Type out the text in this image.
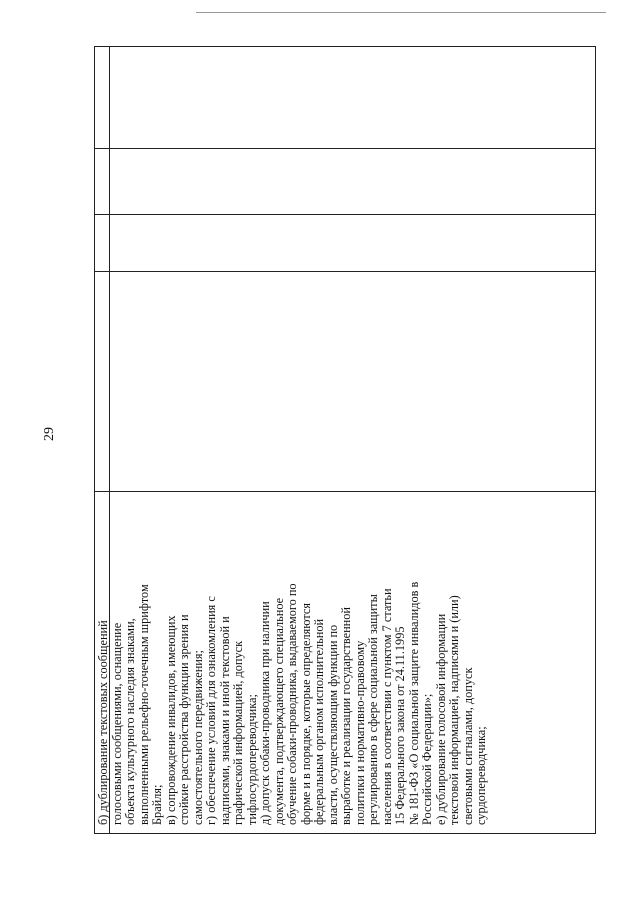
29
б) дублирование текстовых сообщений
голосовыми сообщениями, оснащение
объекта культурного наследия знаками,
выполненными рельефно-точечным шрифтом
Брайля;
в) сопровождение инвалидов, имеющих
стойкие расстройства функции зрения и
самостоятельного передвижения;
г) обеспечение условий для ознакомления с
надписями, знаками и иной текстовой и
графической информацией, допуск
тифлосурдопереводчика;
д) допуск собаки-проводника при наличии
документа, подтверждающего специальное
обучение собаки-проводника, выдаваемого по
форме и в порядке, которые определяются
федеральным органом исполнительной
власти, осуществляющим функции по
выработке и реализации государственной
политики и нормативно-правовому
регулированию в сфере социальной защиты
населения в соответствии с пунктом 7 статьи
15 Федерального закона от 24.11.1995
№ 181-ФЗ «О социальной защите инвалидов в
Российской Федерации»;
е) дублирование голосовой информации
текстовой информацией, надписями и (или)
световыми сигналами, допуск
сурдопереводчика;
